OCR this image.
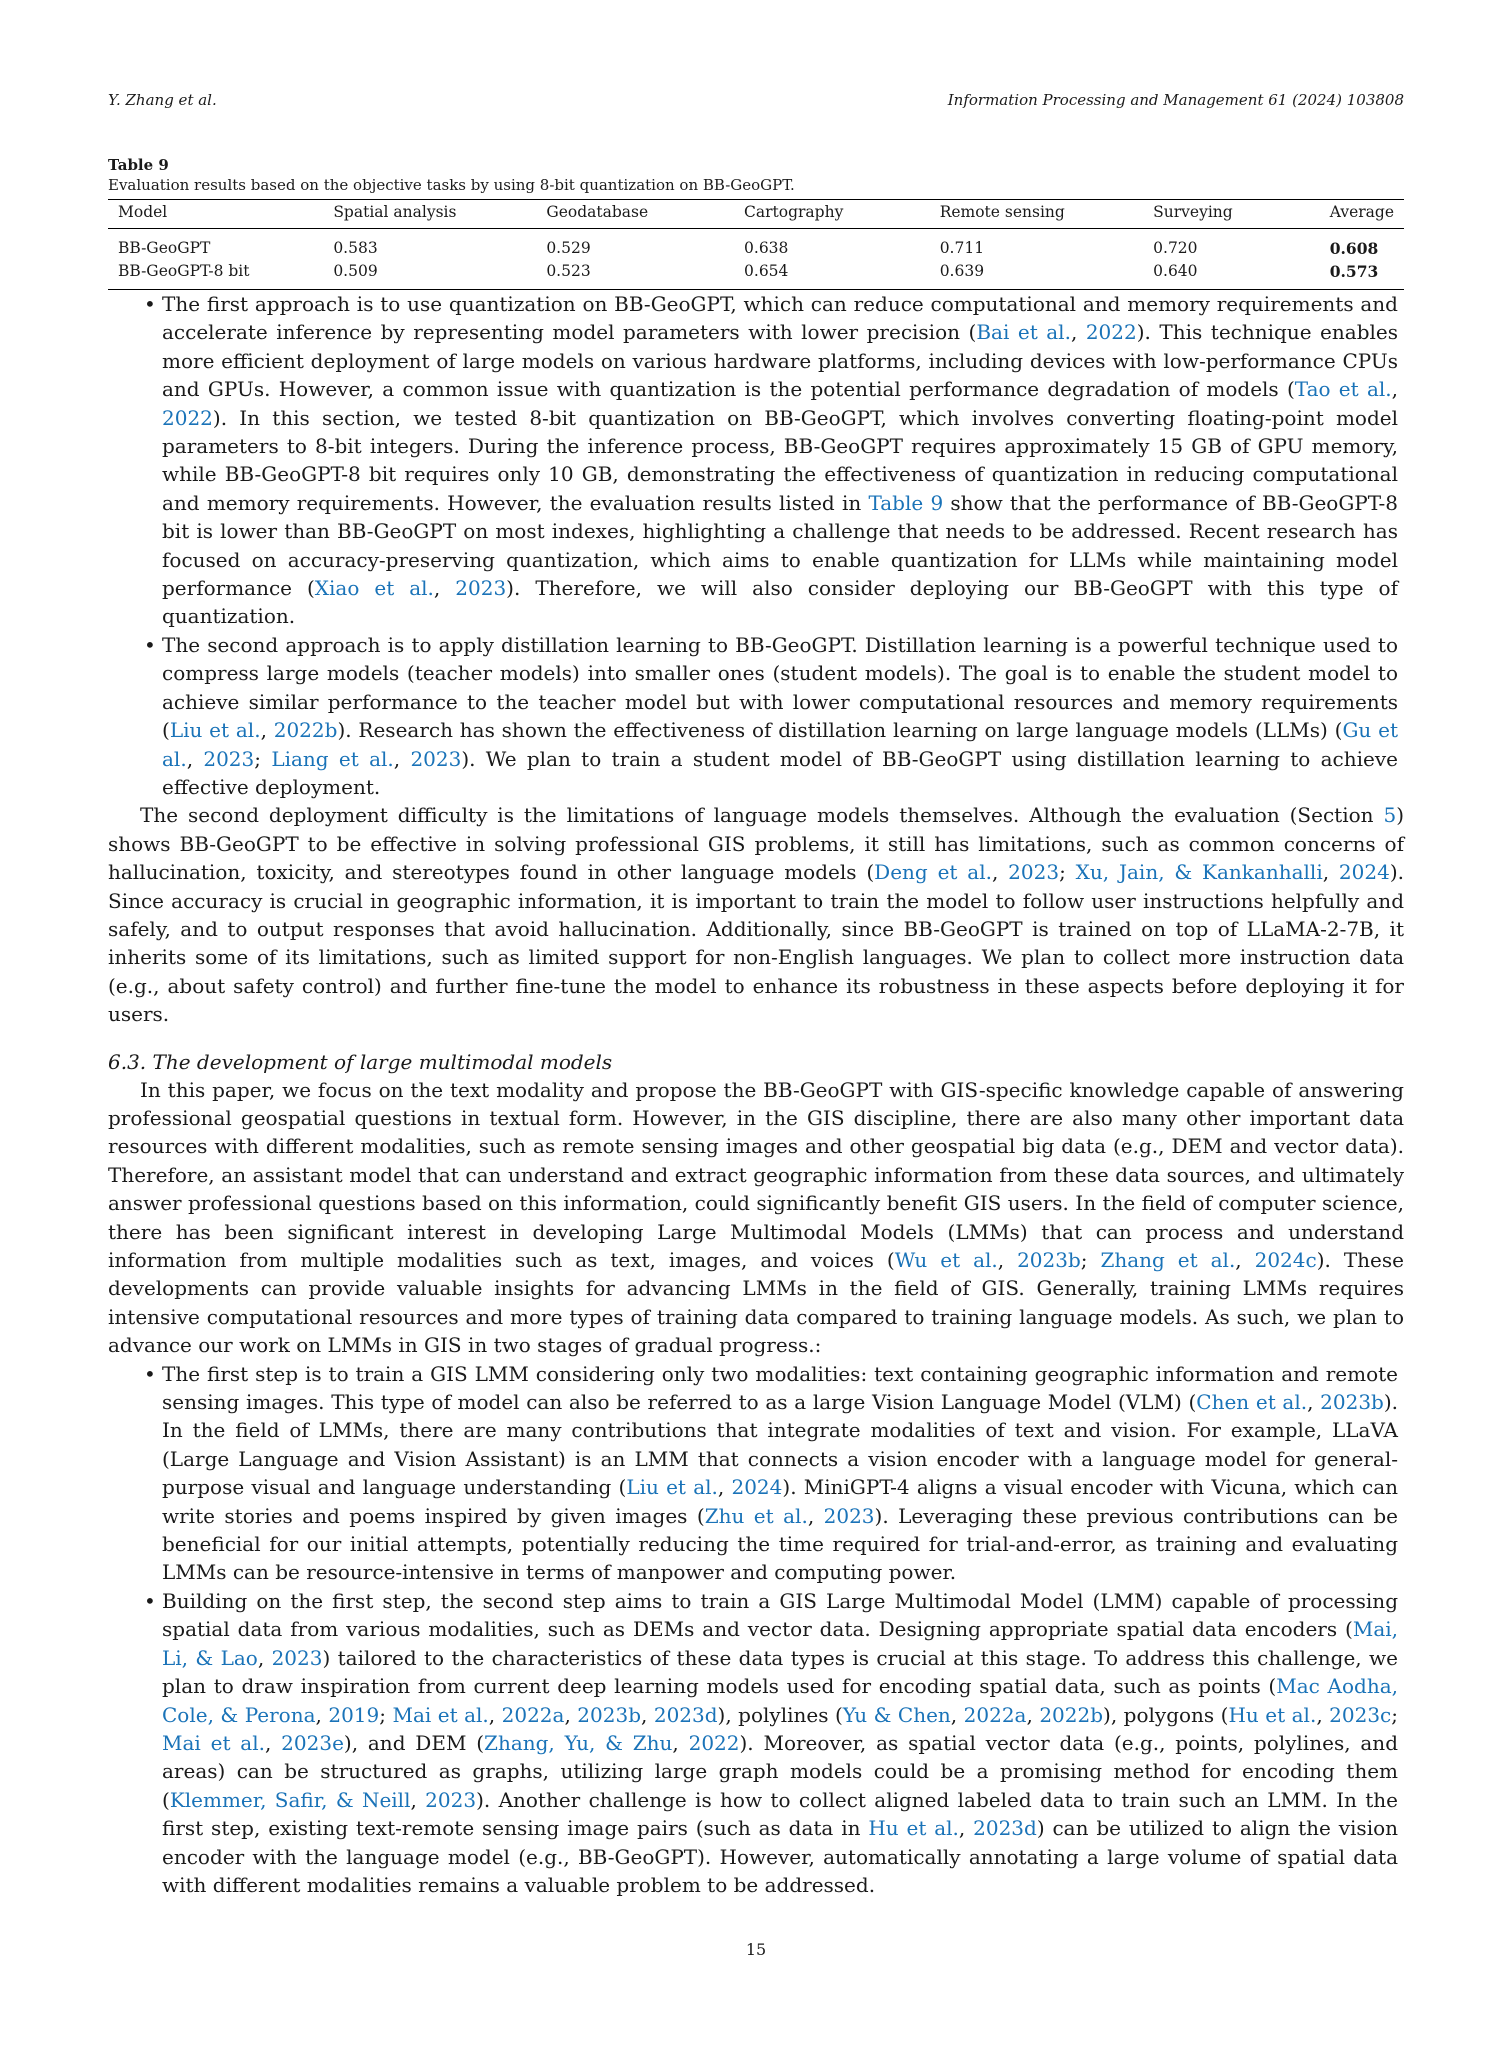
Y. Zhang et al.	Information Processing and Management 61 (2024) 103808
Table 9
Evaluation results based on the objective tasks by using 8-bit quantization on BB-GeoGPT.
Model	Spatial analysis	Geodatabase	Cartography	Remote sensing	Surveying	Average
BB-GeoGPT	0.583	0.529	0.638	0.711	0.720	0.608
BB-GeoGPT-8 bit	0.509	0.523	0.654	0.639	0.640	0.573
• The first approach is to use quantization on BB-GeoGPT, which can reduce computational and memory requirements and accelerate inference by representing model parameters with lower precision (Bai et al., 2022). This technique enables more efficient deployment of large models on various hardware platforms, including devices with low-performance CPUs and GPUs. However, a common issue with quantization is the potential performance degradation of models (Tao et al., 2022). In this section, we tested 8-bit quantization on BB-GeoGPT, which involves converting floating-point model parameters to 8-bit integers. During the inference process, BB-GeoGPT requires approximately 15 GB of GPU memory, while BB-GeoGPT-8 bit requires only 10 GB, demonstrating the effectiveness of quantization in reducing computational and memory requirements. However, the evaluation results listed in Table 9 show that the performance of BB-GeoGPT-8 bit is lower than BB-GeoGPT on most indexes, highlighting a challenge that needs to be addressed. Recent research has focused on accuracy-preserving quantization, which aims to enable quantization for LLMs while maintaining model performance (Xiao et al., 2023). Therefore, we will also consider deploying our BB-GeoGPT with this type of quantization.
• The second approach is to apply distillation learning to BB-GeoGPT. Distillation learning is a powerful technique used to compress large models (teacher models) into smaller ones (student models). The goal is to enable the student model to achieve similar performance to the teacher model but with lower computational resources and memory requirements (Liu et al., 2022b). Research has shown the effectiveness of distillation learning on large language models (LLMs) (Gu et al., 2023; Liang et al., 2023). We plan to train a student model of BB-GeoGPT using distillation learning to achieve effective deployment.

The second deployment difficulty is the limitations of language models themselves. Although the evaluation (Section 5) shows BB-GeoGPT to be effective in solving professional GIS problems, it still has limitations, such as common concerns of hallucination, toxicity, and stereotypes found in other language models (Deng et al., 2023; Xu, Jain, & Kankanhalli, 2024). Since accuracy is crucial in geographic information, it is important to train the model to follow user instructions helpfully and safely, and to output responses that avoid hallucination. Additionally, since BB-GeoGPT is trained on top of LLaMA-2-7B, it inherits some of its limitations, such as limited support for non-English languages. We plan to collect more instruction data (e.g., about safety control) and further fine-tune the model to enhance its robustness in these aspects before deploying it for users.

6.3. The development of large multimodal models

In this paper, we focus on the text modality and propose the BB-GeoGPT with GIS-specific knowledge capable of answering professional geospatial questions in textual form. However, in the GIS discipline, there are also many other important data resources with different modalities, such as remote sensing images and other geospatial big data (e.g., DEM and vector data). Therefore, an assistant model that can understand and extract geographic information from these data sources, and ultimately answer professional questions based on this information, could significantly benefit GIS users. In the field of computer science, there has been significant interest in developing Large Multimodal Models (LMMs) that can process and understand information from multiple modalities such as text, images, and voices (Wu et al., 2023b; Zhang et al., 2024c). These developments can provide valuable insights for advancing LMMs in the field of GIS. Generally, training LMMs requires intensive computational resources and more types of training data compared to training language models. As such, we plan to advance our work on LMMs in GIS in two stages of gradual progress.:

• The first step is to train a GIS LMM considering only two modalities: text containing geographic information and remote sensing images. This type of model can also be referred to as a large Vision Language Model (VLM) (Chen et al., 2023b). In the field of LMMs, there are many contributions that integrate modalities of text and vision. For example, LLaVA (Large Language and Vision Assistant) is an LMM that connects a vision encoder with a language model for general-purpose visual and language understanding (Liu et al., 2024). MiniGPT-4 aligns a visual encoder with Vicuna, which can write stories and poems inspired by given images (Zhu et al., 2023). Leveraging these previous contributions can be beneficial for our initial attempts, potentially reducing the time required for trial-and-error, as training and evaluating LMMs can be resource-intensive in terms of manpower and computing power.
• Building on the first step, the second step aims to train a GIS Large Multimodal Model (LMM) capable of processing spatial data from various modalities, such as DEMs and vector data. Designing appropriate spatial data encoders (Mai, Li, & Lao, 2023) tailored to the characteristics of these data types is crucial at this stage. To address this challenge, we plan to draw inspiration from current deep learning models used for encoding spatial data, such as points (Mac Aodha, Cole, & Perona, 2019; Mai et al., 2022a, 2023b, 2023d), polylines (Yu & Chen, 2022a, 2022b), polygons (Hu et al., 2023c; Mai et al., 2023e), and DEM (Zhang, Yu, & Zhu, 2022). Moreover, as spatial vector data (e.g., points, polylines, and areas) can be structured as graphs, utilizing large graph models could be a promising method for encoding them (Klemmer, Safir, & Neill, 2023). Another challenge is how to collect aligned labeled data to train such an LMM. In the first step, existing text-remote sensing image pairs (such as data in Hu et al., 2023d) can be utilized to align the vision encoder with the language model (e.g., BB-GeoGPT). However, automatically annotating a large volume of spatial data with different modalities remains a valuable problem to be addressed.
15
